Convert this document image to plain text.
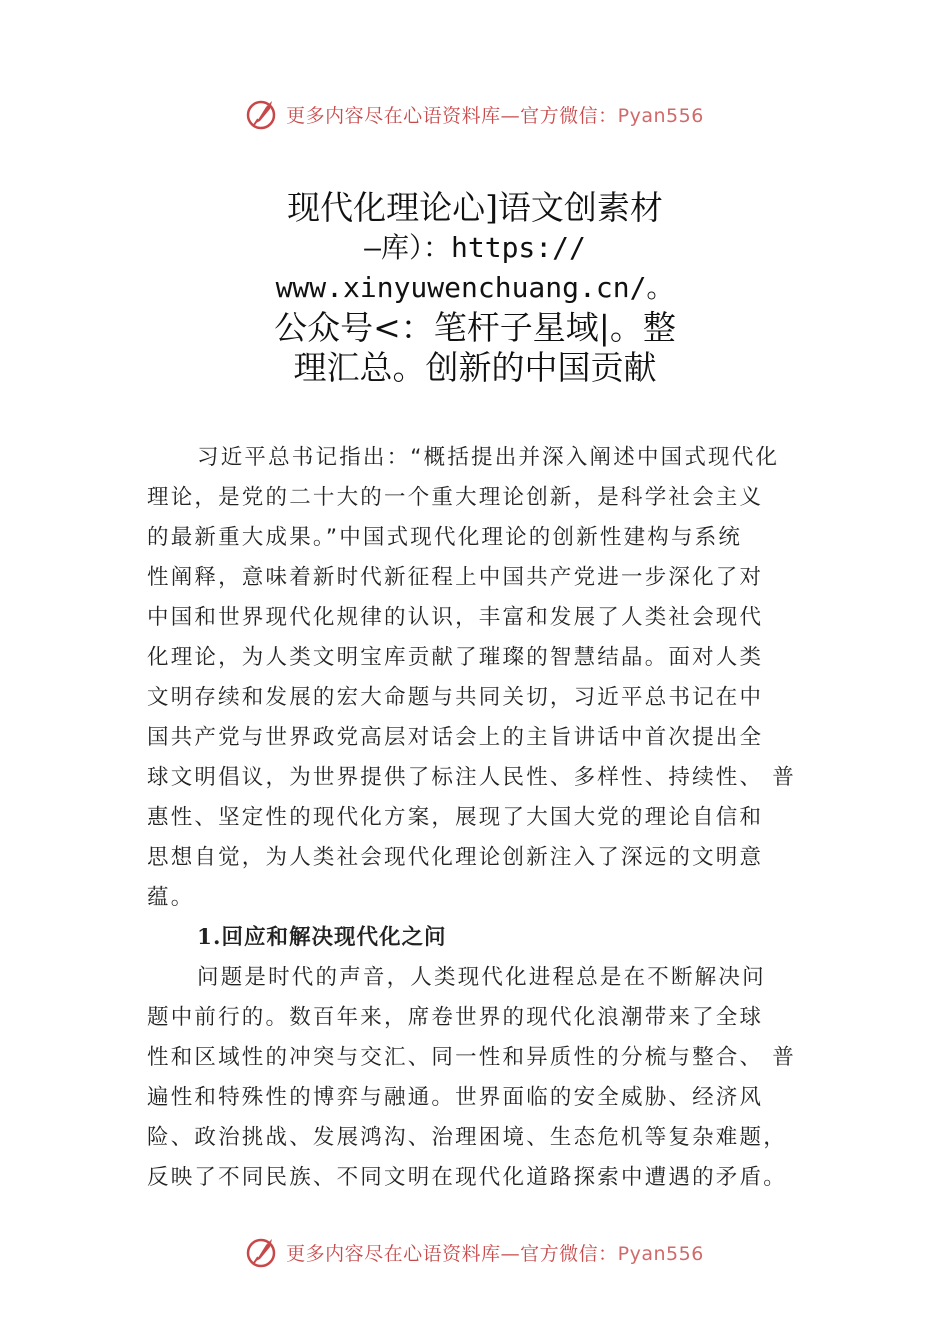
更多内容尽在心语资料库—官方微信：Pyan556
现代化理论心]语文创素材
—库）：https://
www.xinyuwenchuang.cn/。
公众号<：笔杆子星域|。整
理汇总。创新的中国贡献
习近平总书记指出：“概括提出并深入阐述中国式现代化
理论，是党的二十大的一个重大理论创新，是科学社会主义
的最新重大成果。”中国式现代化理论的创新性建构与系统
性阐释，意味着新时代新征程上中国共产党进一步深化了对
中国和世界现代化规律的认识，丰富和发展了人类社会现代
化理论，为人类文明宝库贡献了璀璨的智慧结晶。面对人类
文明存续和发展的宏大命题与共同关切，习近平总书记在中
国共产党与世界政党高层对话会上的主旨讲话中首次提出全
球文明倡议，为世界提供了标注人民性、多样性、持续性、 普
惠性、坚定性的现代化方案，展现了大国大党的理论自信和
思想自觉，为人类社会现代化理论创新注入了深远的文明意
蕴。
1.回应和解决现代化之问
问题是时代的声音，人类现代化进程总是在不断解决问
题中前行的。数百年来，席卷世界的现代化浪潮带来了全球
性和区域性的冲突与交汇、同一性和异质性的分梳与整合、 普
遍性和特殊性的博弈与融通。世界面临的安全威胁、经济风
险、政治挑战、发展鸿沟、治理困境、生态危机等复杂难题，
反映了不同民族、不同文明在现代化道路探索中遭遇的矛盾。
更多内容尽在心语资料库—官方微信：Pyan556
